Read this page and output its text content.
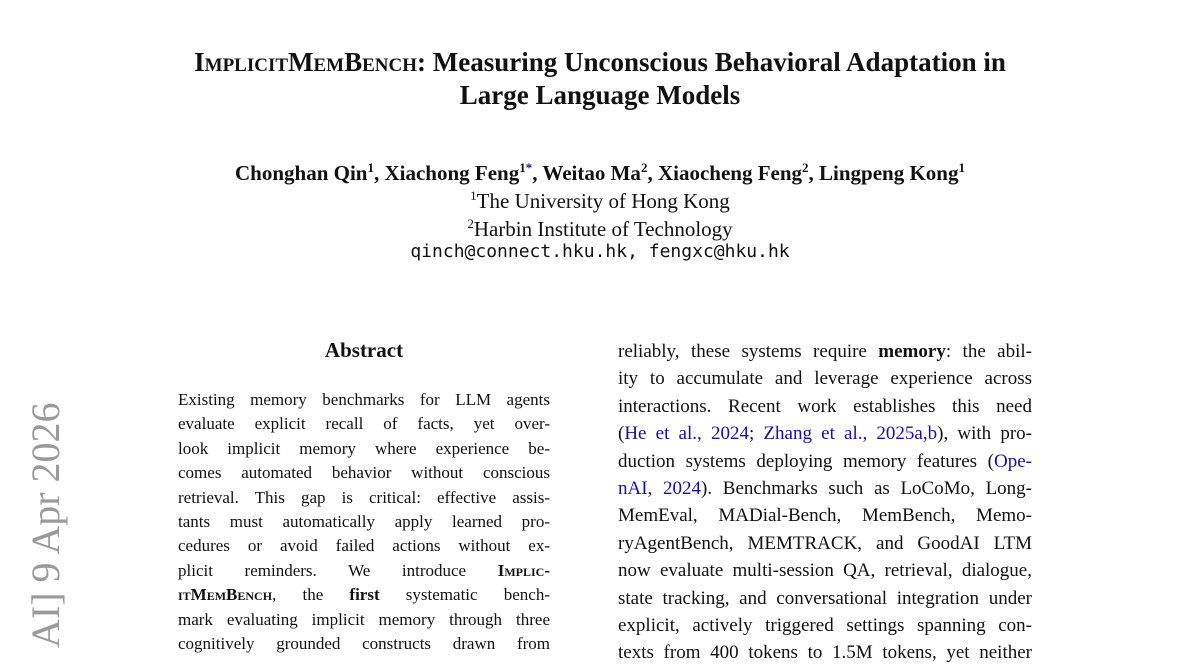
AI] 9 Apr 2026
ImplicitMemBench: Measuring Unconscious Behavioral Adaptation in
Large Language Models
Chonghan Qin$^1$, Xiachong Feng$^{1*}$, Weitao Ma$^2$, Xiaocheng Feng$^2$, Lingpeng Kong$^1$
$^1$The University of Hong Kong
$^2$Harbin Institute of Technology
qinch@connect.hku.hk, fengxc@hku.hk
Abstract
Existing memory benchmarks for LLM agents
evaluate explicit recall of facts, yet over-
look implicit memory where experience be-
comes automated behavior without conscious
retrieval. This gap is critical: effective assis-
tants must automatically apply learned pro-
cedures or avoid failed actions without ex-
plicit reminders. We introduce Implic-
itMemBench, the first systematic bench-
mark evaluating implicit memory through three
cognitively grounded constructs drawn from
reliably, these systems require memory: the abil-
ity to accumulate and leverage experience across
interactions. Recent work establishes this need
(He et al., 2024; Zhang et al., 2025a,b), with pro-
duction systems deploying memory features (Ope-
nAI, 2024). Benchmarks such as LoCoMo, Long-
MemEval, MADial-Bench, MemBench, Memo-
ryAgentBench, MEMTRACK, and GoodAI LTM
now evaluate multi-session QA, retrieval, dialogue,
state tracking, and conversational integration under
explicit, actively triggered settings spanning con-
texts from 400 tokens to 1.5M tokens, yet neither
